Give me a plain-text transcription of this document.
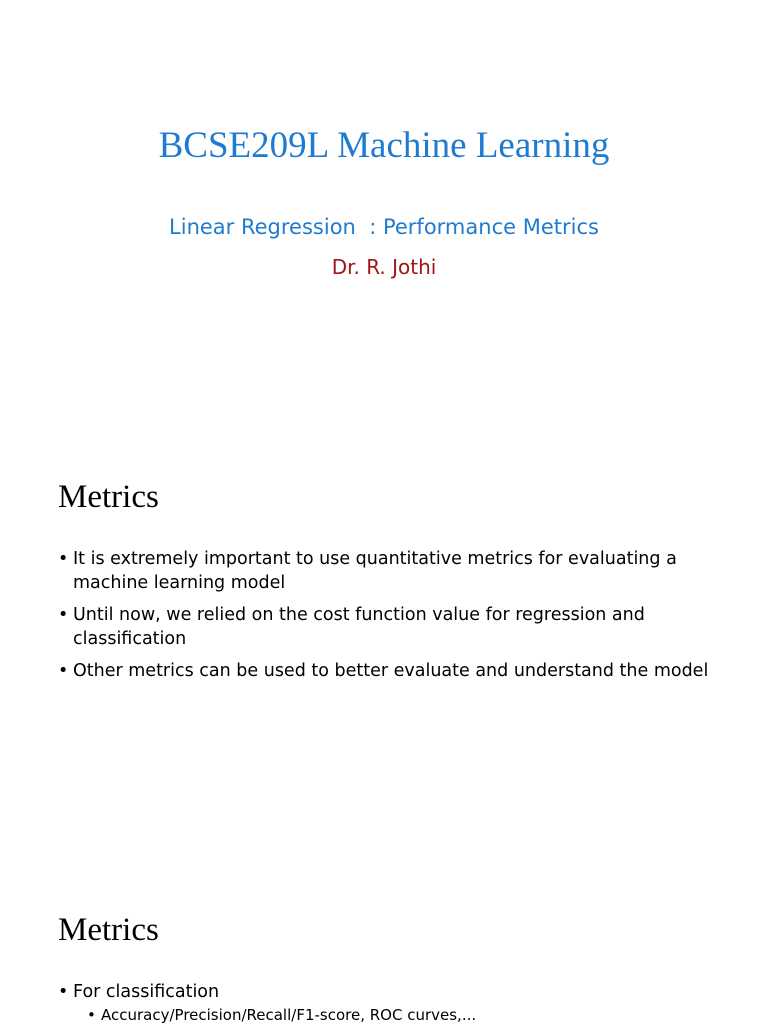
BCSE209L Machine Learning
Linear Regression  : Performance Metrics
Dr. R. Jothi
Metrics
• It is extremely important to use quantitative metrics for evaluating a machine learning model
• Until now, we relied on the cost function value for regression and classification
• Other metrics can be used to better evaluate and understand the model
Metrics
• For classification
• Accuracy/Precision/Recall/F1-score, ROC curves,...
